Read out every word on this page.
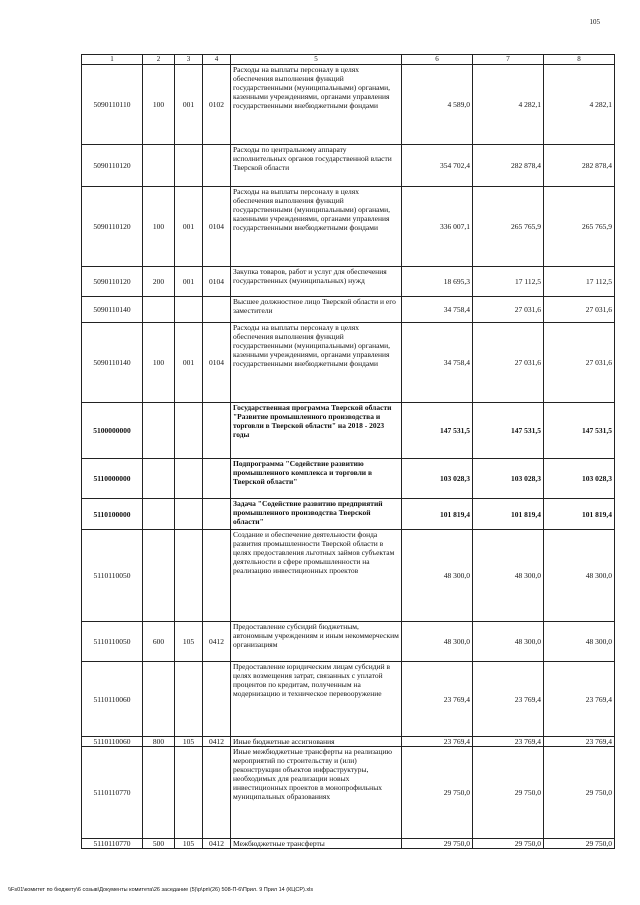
105
1	2	3	4	5	6	7	8
5090110110	100	001	0102	Расходы на выплаты персоналу в целях обеспечения выполнения функций государственными (муниципальными) органами, казенными учреждениями, органами управления государственными внебюджетными фондами	4 589,0	4 282,1	4 282,1
5090110120				Расходы по центральному аппарату исполнительных органов государственной власти Тверской области	354 702,4	282 878,4	282 878,4
5090110120	100	001	0104	Расходы на выплаты персоналу в целях обеспечения выполнения функций государственными (муниципальными) органами, казенными учреждениями, органами управления государственными внебюджетными фондами	336 007,1	265 765,9	265 765,9
5090110120	200	001	0104	Закупка товаров, работ и услуг для обеспечения государственных (муниципальных) нужд	18 695,3	17 112,5	17 112,5
5090110140				Высшее должностное лицо Тверской области и его заместители	34 758,4	27 031,6	27 031,6
5090110140	100	001	0104	Расходы на выплаты персоналу в целях обеспечения выполнения функций государственными (муниципальными) органами, казенными учреждениями, органами управления государственными внебюджетными фондами	34 758,4	27 031,6	27 031,6
5100000000				Государственная программа Тверской области "Развитие промышленного производства и торговли в Тверской области" на 2018 - 2023 годы	147 531,5	147 531,5	147 531,5
5110000000				Подпрограмма "Содействие развитию промышленного комплекса и торговли в Тверской области"	103 028,3	103 028,3	103 028,3
5110100000				Задача "Содействие развитию предприятий промышленного производства Тверской области"	101 819,4	101 819,4	101 819,4
5110110050				Создание и обеспечение деятельности фонда развития промышленности Тверской области в целях предоставления льготных займов субъектам деятельности в сфере промышленности на реализацию инвестиционных проектов	48 300,0	48 300,0	48 300,0
5110110050	600	105	0412	Предоставление субсидий бюджетным, автономным учреждениям и иным некоммерческим организациям	48 300,0	48 300,0	48 300,0
5110110060				Предоставление юридическим лицам субсидий в целях возмещения затрат, связанных с уплатой процентов по кредитам, полученным на модернизацию и техническое перевооружение	23 769,4	23 769,4	23 769,4
5110110060	800	105	0412	Иные бюджетные ассигнования	23 769,4	23 769,4	23 769,4
5110110770				Иные межбюджетные трансферты на реализацию мероприятий по строительству и (или) реконструкции объектов инфраструктуры, необходимых для реализации новых инвестиционных проектов в монопрофильных муниципальных образованиях	29 750,0	29 750,0	29 750,0
5110110770	500	105	0412	Межбюджетные трансферты	29 750,0	29 750,0	29 750,0
\\Fs01\комитет по бюджету\6 созыв\Документы комитета\26 заседание (5)\р\рп\(26) 508-П-6\Прил. 9 Прил 14 (КЦСР).xls
